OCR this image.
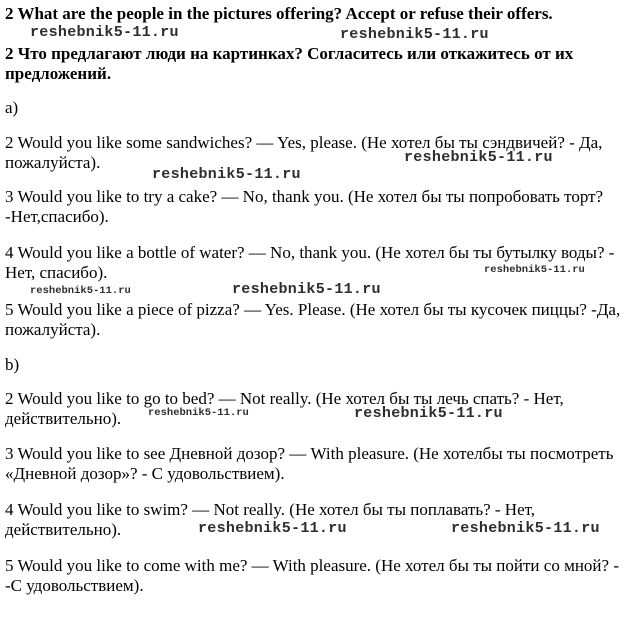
2 What are the people in the pictures offering? Accept or refuse their offers.

2 Что предлагают люди на картинках? Согласитесь или откажитесь от их предложений.

a)
2 Would you like some sandwiches? — Yes, please. (Не хотел бы ты сэндвичей? - Да, пожалуйста).
3 Would you like to try a cake? — No, thank you. (Не хотел бы ты попробовать торт? -Нет,спасибо).
4 Would you like a bottle of water? — No, thank you. (Не хотел бы ты бутылку воды? - Нет, спасибо).
5 Would you like a piece of pizza? — Yes. Please. (Не хотел бы ты кусочек пиццы? -Да, пожалуйста).
b)
2 Would you like to go to bed? — Not really. (Не хотел бы ты лечь спать? - Нет, действительно).
3 Would you like to see Дневной дозор? — With pleasure. (Не хотелбы ты посмотреть «Дневной дозор»? - С удовольствием).
4 Would you like to swim? — Not really. (Не хотел бы ты поплавать? - Нет, действительно).
5 Would you like to come with me? — With pleasure. (Не хотел бы ты пойти со мной? - -С удовольствием).
reshebnik5-11.ru	reshebnik5-11.ru
reshebnik5-11.ru
reshebnik5-11.ru
reshebnik5-11.ru
reshebnik5-11.ru
reshebnik5-11.ru
reshebnik5-11.ru	reshebnik5-11.ru
reshebnik5-11.ru	reshebnik5-11.ru
